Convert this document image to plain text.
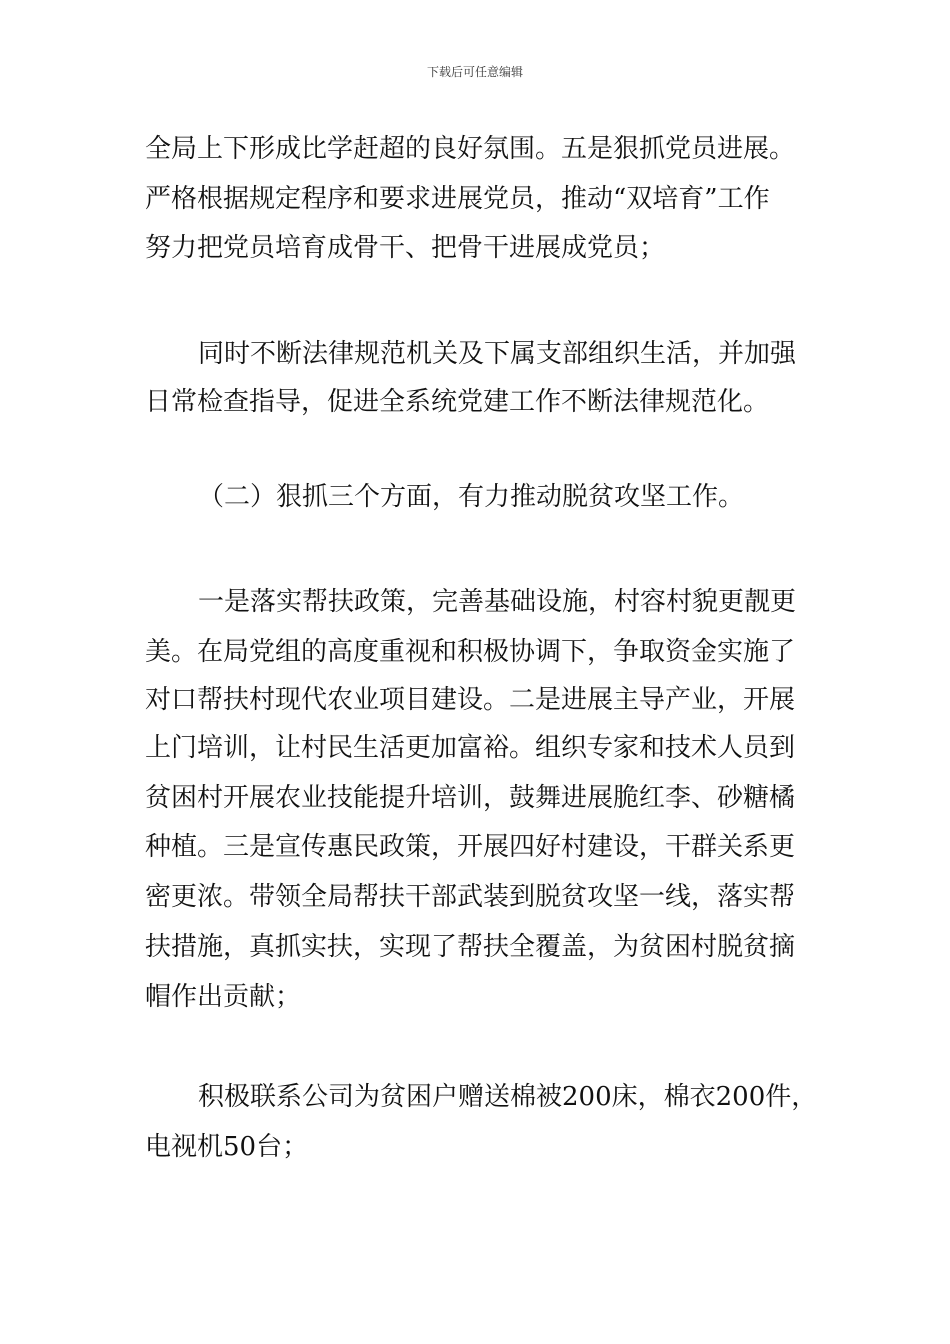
下载后可任意编辑
全局上下形成比学赶超的良好氛围。五是狠抓党员进展。
严格根据规定程序和要求进展党员，推动“双培育”工作
努力把党员培育成骨干、把骨干进展成党员；
同时不断法律规范机关及下属支部组织生活，并加强
日常检查指导，促进全系统党建工作不断法律规范化。
（二）狠抓三个方面，有力推动脱贫攻坚工作。
一是落实帮扶政策，完善基础设施，村容村貌更靓更
美。在局党组的高度重视和积极协调下，争取资金实施了
对口帮扶村现代农业项目建设。二是进展主导产业，开展
上门培训，让村民生活更加富裕。组织专家和技术人员到
贫困村开展农业技能提升培训，鼓舞进展脆红李、砂糖橘
种植。三是宣传惠民政策，开展四好村建设，干群关系更
密更浓。带领全局帮扶干部武装到脱贫攻坚一线，落实帮
扶措施，真抓实扶，实现了帮扶全覆盖，为贫困村脱贫摘
帽作出贡献；
积极联系公司为贫困户赠送棉被200床，棉衣200件，
电视机50台；
